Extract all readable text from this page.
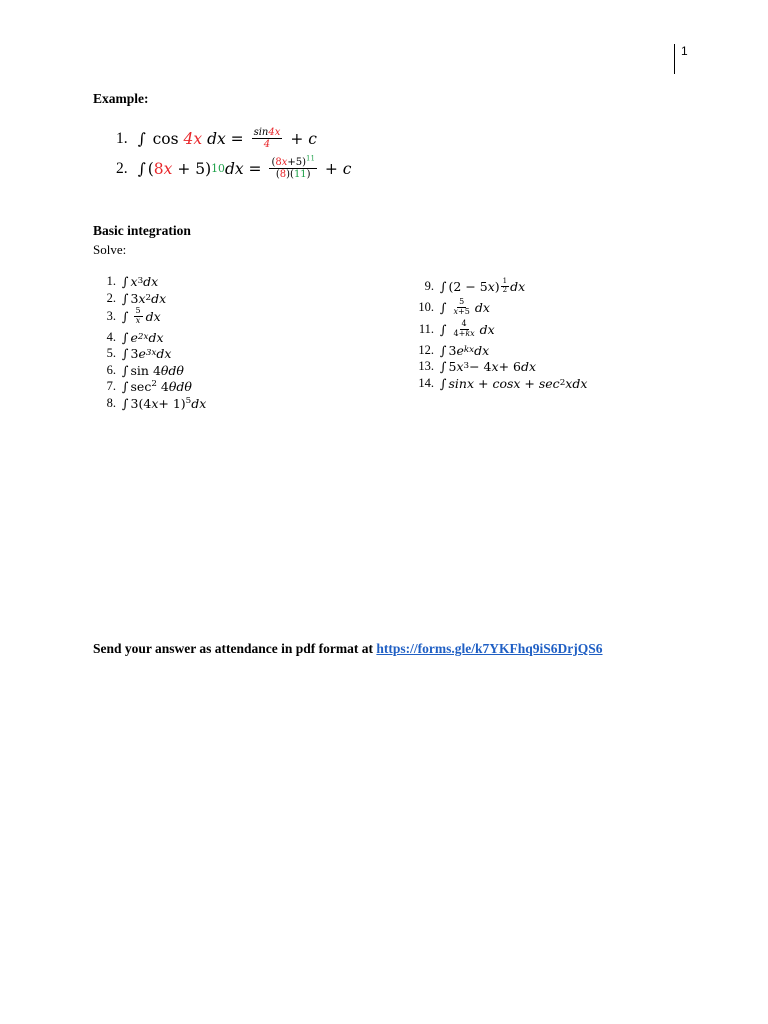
1
Example:
1. ∫ cos 4 x dx = $\frac{\sin 4x}{4} + c$
2. ∫ ( 8 x + 5) 10 dx = $\frac{(8x+5)^{11}}{(8)(11)} + c$
Basic integration
Solve:
1. ∫ x 3 dx
2. ∫ 3 x 2 dx
3. ∫ $\frac{5}{x}$ dx
4. ∫ e 2x dx
5. ∫ 3 e 3x dx
6. ∫ sin 4 θdθ
7. ∫ $\sec^2 4$ θdθ
8. ∫ 3(4 x + 1)$^5$ dx
9. ∫ (2 − 5 x ) $\frac{1}{2}$ dx
10. ∫ $\frac{5}{x+5}$ dx
11. ∫ $\frac{4}{4+kx}$ dx
12. ∫ 3 e kx dx
13. ∫ 5 x 3 − 4 x + 6 dx
14. ∫ sinx + cosx + sec 2 xdx
Send your answer as attendance in pdf format at https://forms.gle/k7YKFhq9iS6DrjQS6
